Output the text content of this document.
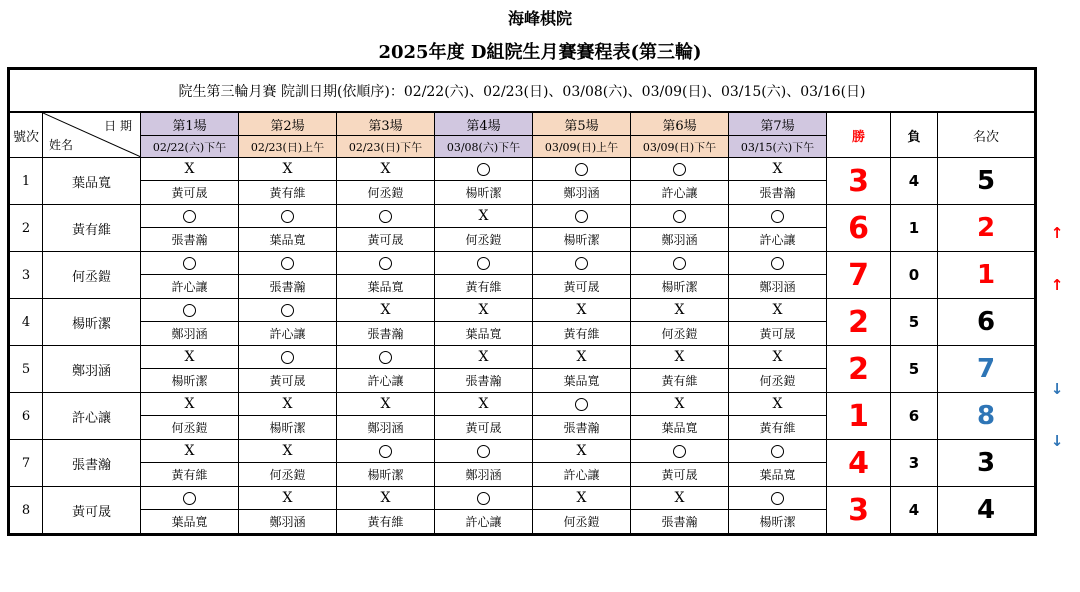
海峰棋院
2025年度 D組院生月賽賽程表(第三輪)
院生第三輪月賽 院訓日期(依順序)：02/22(六)、02/23(日)、03/08(六)、03/09(日)、03/15(六)、03/16(日)											
號次	日 期
姓名	第1場	第2場	第3場	第4場	第5場	第6場	第7場	勝	負	名次
		02/22(六)下午	02/23(日)上午	02/23(日)下午	03/08(六)下午	03/09(日)上午	03/09(日)下午	03/15(六)下午			
1	葉品寬	X	X	X				X	3	4	5
		黃可晟	黃有維	何丞鎧	楊昕潔	鄭羽涵	許心讓	張書瀚			
2	黃有維				X				6	1	2
		張書瀚	葉品寬	黃可晟	何丞鎧	楊昕潔	鄭羽涵	許心讓			
3	何丞鎧								7	0	1
		許心讓	張書瀚	葉品寬	黃有維	黃可晟	楊昕潔	鄭羽涵			
4	楊昕潔			X	X	X	X	X	2	5	6
		鄭羽涵	許心讓	張書瀚	葉品寬	黃有維	何丞鎧	黃可晟			
5	鄭羽涵	X			X	X	X	X	2	5	7
		楊昕潔	黃可晟	許心讓	張書瀚	葉品寬	黃有維	何丞鎧			
6	許心讓	X	X	X	X		X	X	1	6	8
		何丞鎧	楊昕潔	鄭羽涵	黃可晟	張書瀚	葉品寬	黃有維			
7	張書瀚	X	X			X			4	3	3
		黃有維	何丞鎧	楊昕潔	鄭羽涵	許心讓	黃可晟	葉品寬			
8	黃可晟		X	X		X	X		3	4	4
		葉品寬	鄭羽涵	黃有維	許心讓	何丞鎧	張書瀚	楊昕潔			
↑
↑
↓
↓
